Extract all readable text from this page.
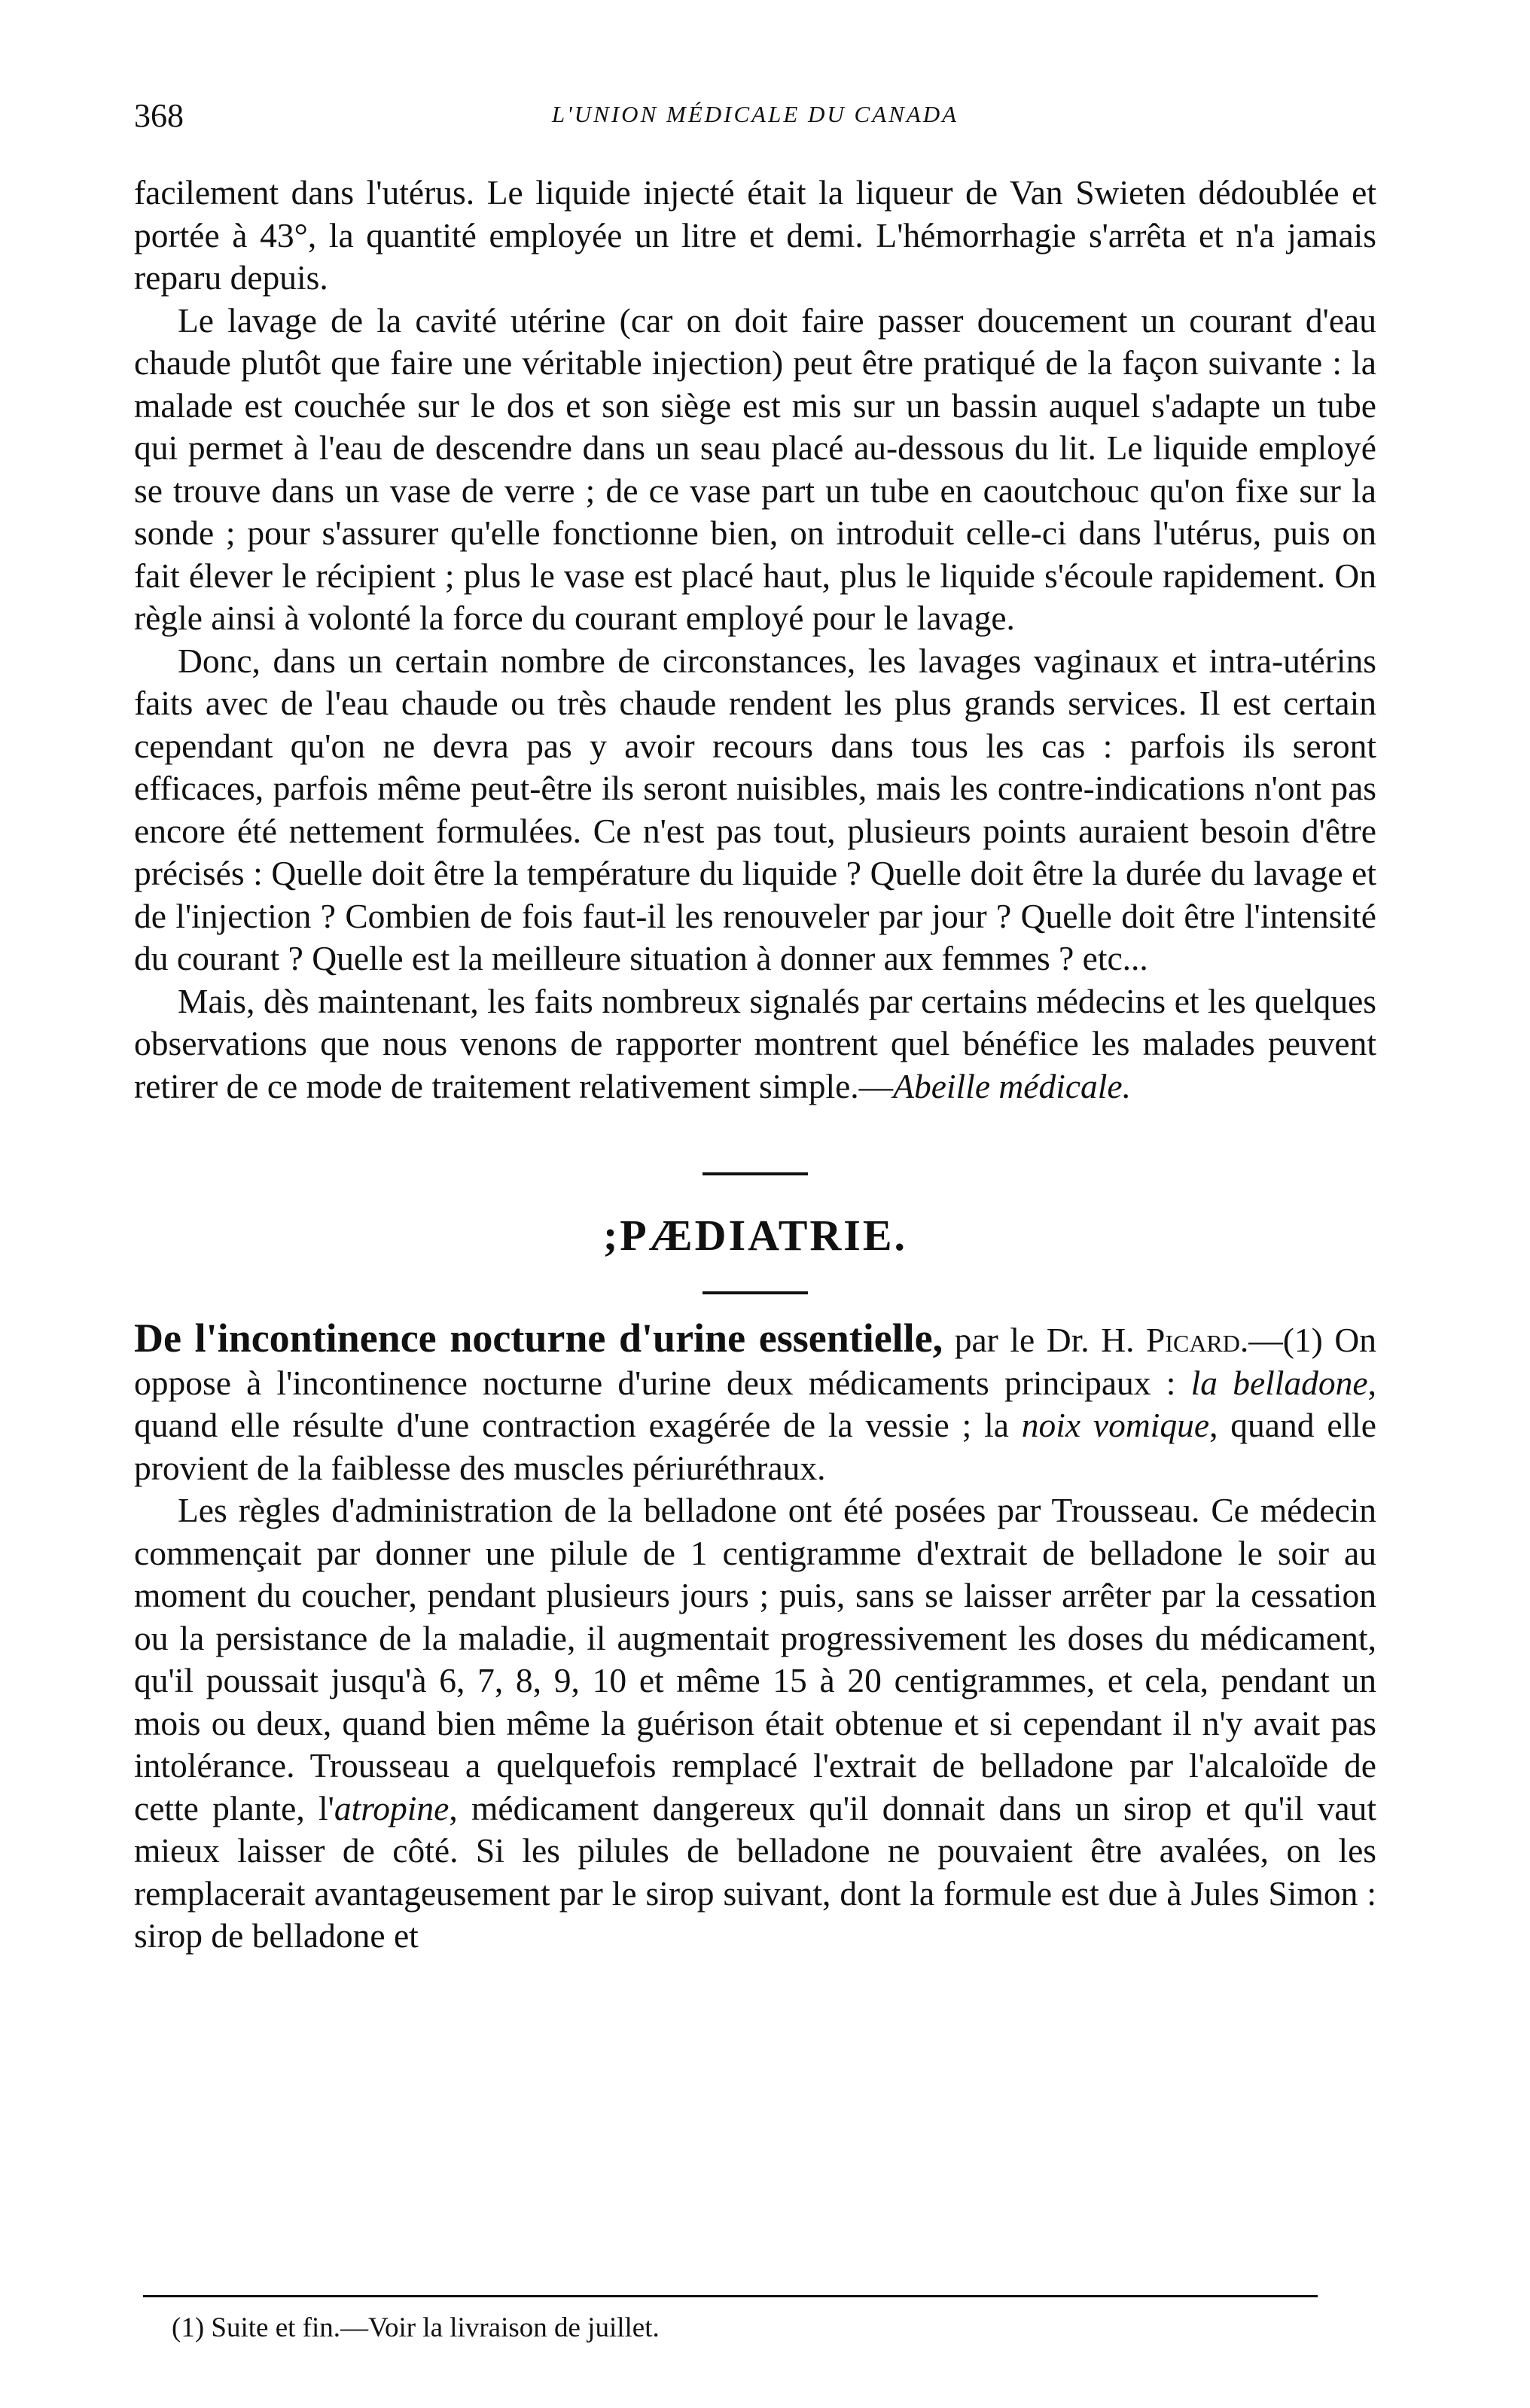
368	L'UNION MÉDICALE DU CANADA

facilement dans l'utérus. Le liquide injecté était la liqueur de Van Swieten dédoublée et portée à 43°, la quantité employée un litre et demi. L'hémorrhagie s'arrêta et n'a jamais reparu depuis.

Le lavage de la cavité utérine (car on doit faire passer doucement un courant d'eau chaude plutôt que faire une véritable injection) peut être pratiqué de la façon suivante : la malade est couchée sur le dos et son siège est mis sur un bassin auquel s'adapte un tube qui permet à l'eau de descendre dans un seau placé au-dessous du lit. Le liquide employé se trouve dans un vase de verre ; de ce vase part un tube en caoutchouc qu'on fixe sur la sonde ; pour s'assurer qu'elle fonctionne bien, on introduit celle-ci dans l'utérus, puis on fait élever le récipient ; plus le vase est placé haut, plus le liquide s'écoule rapidement. On règle ainsi à volonté la force du courant employé pour le lavage.

Donc, dans un certain nombre de circonstances, les lavages vaginaux et intra-utérins faits avec de l'eau chaude ou très chaude rendent les plus grands services. Il est certain cependant qu'on ne devra pas y avoir recours dans tous les cas : parfois ils seront efficaces, parfois même peut-être ils seront nuisibles, mais les contre-indications n'ont pas encore été nettement formulées. Ce n'est pas tout, plusieurs points auraient besoin d'être précisés : Quelle doit être la température du liquide ? Quelle doit être la durée du lavage et de l'injection ? Combien de fois faut-il les renouveler par jour ? Quelle doit être l'intensité du courant ? Quelle est la meilleure situation à donner aux femmes ? etc...

Mais, dès maintenant, les faits nombreux signalés par certains médecins et les quelques observations que nous venons de rapporter montrent quel bénéfice les malades peuvent retirer de ce mode de traitement relativement simple.—Abeille médicale.

;PÆDIATRIE.

De l'incontinence nocturne d'urine essentielle, par le Dr. H. Picard.—(1) On oppose à l'incontinence nocturne d'urine deux médicaments principaux : la belladone, quand elle résulte d'une contraction exagérée de la vessie ; la noix vomique, quand elle provient de la faiblesse des muscles périuréthraux.

Les règles d'administration de la belladone ont été posées par Trousseau. Ce médecin commençait par donner une pilule de 1 centigramme d'extrait de belladone le soir au moment du coucher, pendant plusieurs jours ; puis, sans se laisser arrêter par la cessation ou la persistance de la maladie, il augmentait progressivement les doses du médicament, qu'il poussait jusqu'à 6, 7, 8, 9, 10 et même 15 à 20 centigrammes, et cela, pendant un mois ou deux, quand bien même la guérison était obtenue et si cependant il n'y avait pas intolérance. Trousseau a quelquefois remplacé l'extrait de belladone par l'alcaloïde de cette plante, l'atropine, médicament dangereux qu'il donnait dans un sirop et qu'il vaut mieux laisser de côté. Si les pilules de belladone ne pouvaient être avalées, on les remplacerait avantageusement par le sirop suivant, dont la formule est due à Jules Simon : sirop de belladone et

(1) Suite et fin.—Voir la livraison de juillet.
